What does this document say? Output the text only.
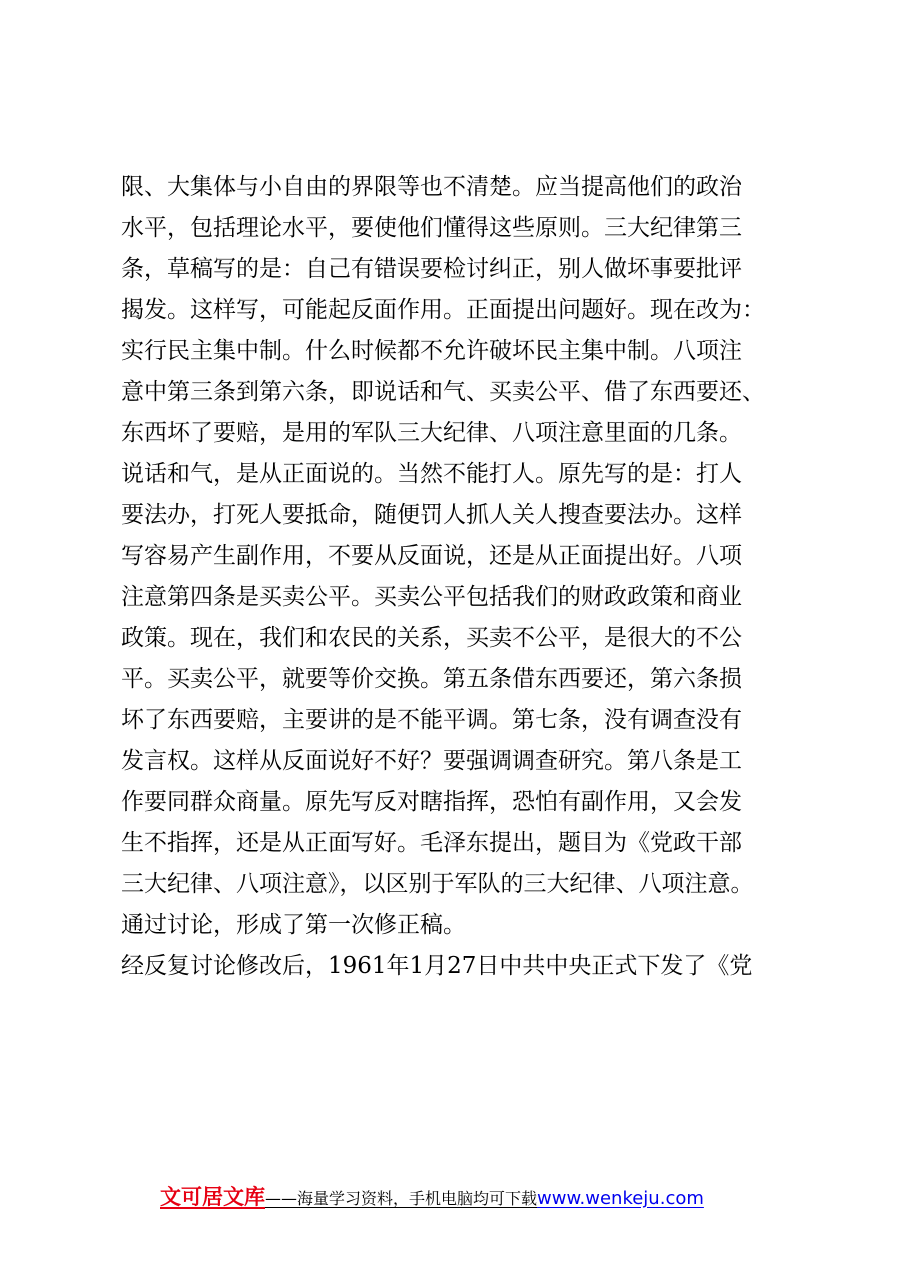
限、大集体与小自由的界限等也不清楚。应当提高他们的政治
水平，包括理论水平，要使他们懂得这些原则。三大纪律第三
条，草稿写的是：自己有错误要检讨纠正，别人做坏事要批评
揭发。这样写，可能起反面作用。正面提出问题好。现在改为：
实行民主集中制。什么时候都不允许破坏民主集中制。八项注
意中第三条到第六条，即说话和气、买卖公平、借了东西要还、
东西坏了要赔，是用的军队三大纪律、八项注意里面的几条。
说话和气，是从正面说的。当然不能打人。原先写的是：打人
要法办，打死人要抵命，随便罚人抓人关人搜查要法办。这样
写容易产生副作用，不要从反面说，还是从正面提出好。八项
注意第四条是买卖公平。买卖公平包括我们的财政政策和商业
政策。现在，我们和农民的关系，买卖不公平，是很大的不公
平。买卖公平，就要等价交换。第五条借东西要还，第六条损
坏了东西要赔，主要讲的是不能平调。第七条，没有调查没有
发言权。这样从反面说好不好？要强调调查研究。第八条是工
作要同群众商量。原先写反对瞎指挥，恐怕有副作用，又会发
生不指挥，还是从正面写好。毛泽东提出，题目为《党政干部
三大纪律、八项注意》，以区别于军队的三大纪律、八项注意。
通过讨论，形成了第一次修正稿。
经反复讨论修改后，1961年1月27日中共中央正式下发了《党
文可居文库——海量学习资料，手机电脑均可下载www.wenkeju.com
